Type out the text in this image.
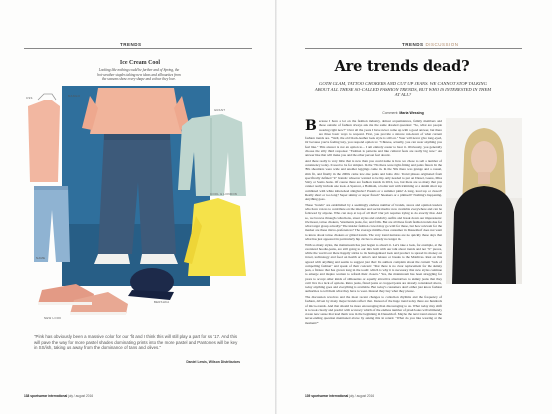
TRENDS
Ice Cream Cool
Looking like nothing could be further and of Spring, the hot-weather staples taking new ideas and silhouettes from the seasons show every shape and colour they love.
CSS
NAME
MANGO
GRANT
COOL & LONDON
BERSHKA
NEW LOOK
"Pink has obviously been a massive color for our 'fit and I think this will still play a part for ss '17. And this will pave the way for more pastel shades dominating prints into the more pastel and Pantones will be key in SS/ish, taking us away from the dominance of tans and olives."
Daniel Lewis, Wilson Distributors
138 sportswear international july / august 2016
TRENDS DISCUSSION
Are trends dead?
GOTH GLAM, TATTOO CHOKERS AND CUT UP JEANS. WE CANNOT STOP TALKING ABOUT ALL THESE SO-CALLED FASHION TRENDS, BUT WHO IS INTERESTED IN THEM AT ALL?
Comment: Maria Wessing
B ecause I have a lot on the fashion industry, almost acquaintances, family members and those outside of fashion always ask me the same dreaded question: "So, what are people wearing right now?" Over all the years I have never come up with a good answer, but there are three basic ways to respond. First, you provide a sincere run-down of what current fashion trends are. "Well, the old black-leather look style is still on." Your will never give long-eyed, Or because you're feeling lazy, you respond option to: "Chinese, actually, you can wear anything you feel like." This answer is not an option to... I am entirely easier to hear it. Obviously, you generally choose the silly third response: "Fashion is patterns and like cultural feats are really big now." An answer like that will make you and the other person feel decent.

And there really is very little that is new than you could name is how we chose to sell a number of consistency today. It used to be for simpler. In the '70s there were tight-fitting and pants flared. In the '80s shoulders were wide and another leggings came in. In the '90s there was grunge and a casual, slim fit, and finally in the 2000s came low-rise pants and boho chic. Trend phases originated from specifically defined "it" brands: whoever wanted to be hip only needed to put on Diesel, Guess, Miss Sixty or Sonia Jeans. Of course there are fashion trends in 2016, too, but there are so many that you cannot really include one look. A Spencer, a Balmain, a boiler suit with trimming or a denim short top combined with white kitten-heel slingbacks? Pastels or a summer pink? A long, loud top or closed? Really short or too long? Super skinny or super flared? Sneakers or a plimsoll? Nothing's happening. Anything goes.

These "trends" are established by a seemingly endless number of brands, stores and opinion leaders who have voices to contribute on the internet and social media: now available everywhere and can be followed by anyone. Who can stop at top of all that? Our job requires trying to do exactly that. And so, we browse through collections, street styles and celebrity outfits and break down our impressions: Ownwear, tattoo chokers, Vetements jeans, fur, and frills. But are all these fresh fashion trends due for what target group actually? The insider fashion crowd may go wild for these, but how relevant for the market are these micro-preferences? The average middle-class consumer in Dusseldorf does not want to know about tattoo chokers or gilded trends. The very trend nurtures are no quickly these days that what has just appeared in particularly hip circles is already no longer in.

With so many styles, the mainstream has just begun to absorb it. Let's take a look, for example, at the oversized hoodie-jeans, are still going to our mix both with our talk about trends and not "it" pieces, while the world out there happily sticks to its homogenised look and product to spread its money on travel, technology and food on health or tailor's and leisure or breaks to the Maldives. Rest on this agreed with anything and seems to suggest just that: Its authors complain about the current "lack of compelling fashion" and speak of their concern: "that there is no clear replacement for the skinny jean, a fixture that has grown long in the tooth: which is why it is necessary that new styles continue to emerge and inspire women to refresh their closets." Yes, the mainstream has been struggling for years to accept other kinds of silhouettes or equally attractive alternatives to skinny jeans that they can't live in a lack of options. Retro jeans, flared jeans or cropped jeans are already considered above, today anything goes and everything is available. But today's customers don't either just know fashion authorities to tell them what they have to wear. Instead they buy what they please.

The discussion revolves and the most recent changes to collection rhythms and the frequency of fashion, driven by many major brands reflect that. Instead of the huge trend today there are hundreds of micro-trends. And that should be more encouraging than discouraging to us. What today may shift is to look clearly and predict with accuracy which of the endless number of pixel/looks will ultimately create new sense that lead them was in the beginning in Dusseldorf. Maybe the next trend answer the never-ending question mentioned above by asking this in return: "What do you like wearing at the moment?"

139 sportswear international july / august 2016
